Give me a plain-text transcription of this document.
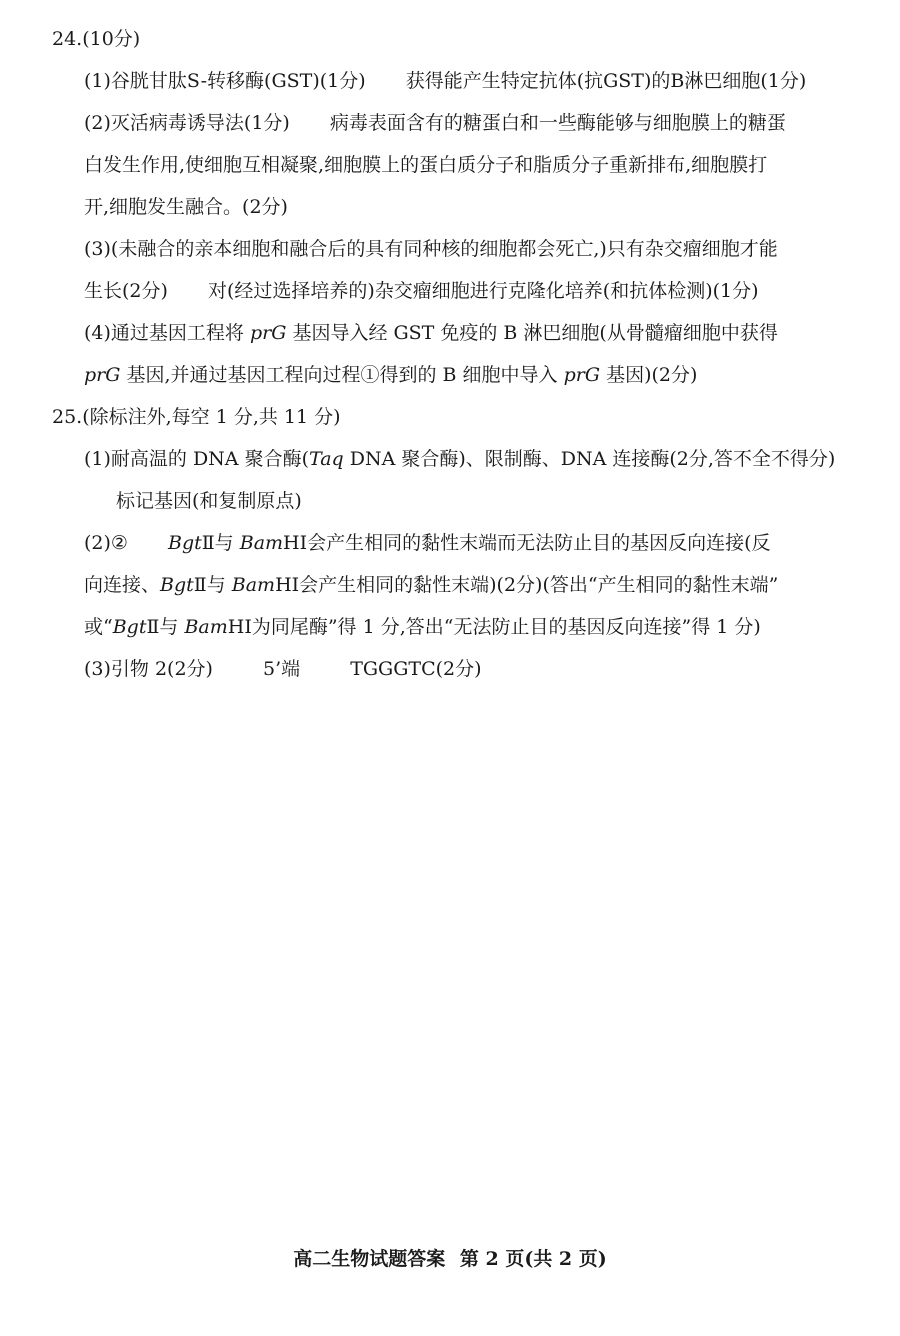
24.(10分)
(1)谷胱甘肽S-转移酶(GST)(1分) 获得能产生特定抗体(抗GST)的B淋巴细胞(1分)
(2)灭活病毒诱导法(1分) 病毒表面含有的糖蛋白和一些酶能够与细胞膜上的糖蛋
白发生作用,使细胞互相凝聚,细胞膜上的蛋白质分子和脂质分子重新排布,细胞膜打
开,细胞发生融合。(2分)
(3)(未融合的亲本细胞和融合后的具有同种核的细胞都会死亡,)只有杂交瘤细胞才能
生长(2分) 对(经过选择培养的)杂交瘤细胞进行克隆化培养(和抗体检测)(1分)
(4)通过基因工程将 prG 基因导入经 GST 免疫的 B 淋巴细胞(从骨髓瘤细胞中获得
prG 基因,并通过基因工程向过程①得到的 B 细胞中导入 prG 基因)(2分)
25.(除标注外,每空 1 分,共 11 分)
(1)耐高温的 DNA 聚合酶(Taq DNA 聚合酶)、限制酶、DNA 连接酶(2分,答不全不得分)
标记基因(和复制原点)
(2)② BgtⅡ与 BamHⅠ会产生相同的黏性末端而无法防止目的基因反向连接(反
向连接、BgtⅡ与 BamHⅠ会产生相同的黏性末端)(2分)(答出“产生相同的黏性末端”
或“BgtⅡ与 BamHⅠ为同尾酶”得 1 分,答出“无法防止目的基因反向连接”得 1 分)
(3)引物 2(2分)	5’端	TGGGTC(2分)
高二生物试题答案 第 2 页(共 2 页)
